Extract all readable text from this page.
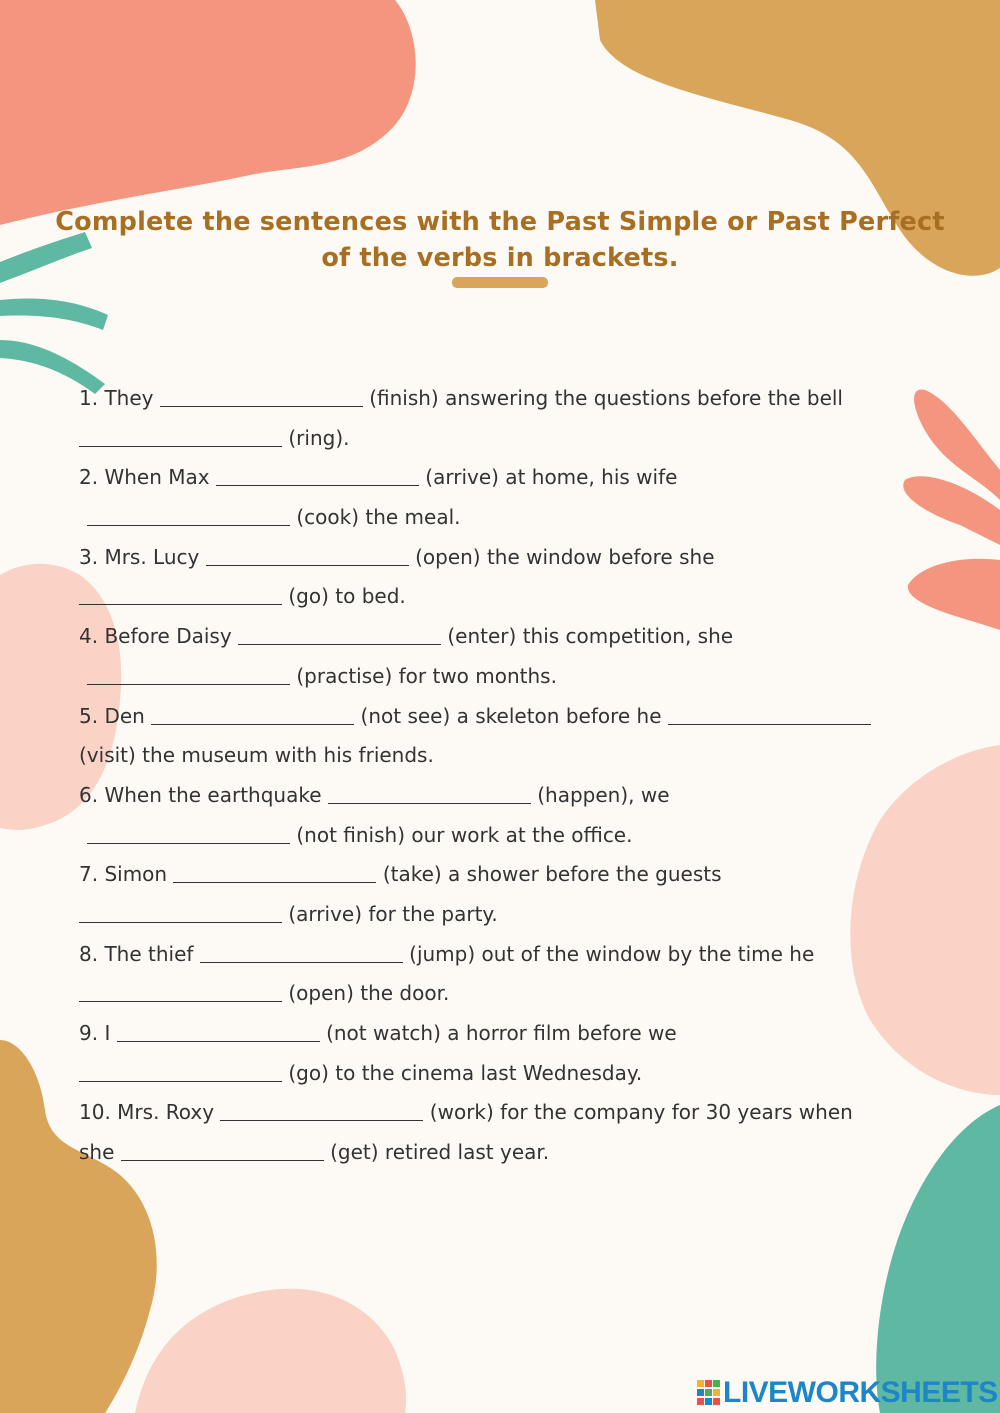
Complete the sentences with the Past Simple or Past Perfect
of the verbs in brackets.
1. They	(finish) answering the questions before the bell
(ring).
2. When Max	(arrive) at home, his wife
(cook) the meal.
3. Mrs. Lucy	(open) the window before she
(go) to bed.
4. Before Daisy	(enter) this competition, she
(practise) for two months.
5. Den	(not see) a skeleton before he
(visit) the museum with his friends.
6. When the earthquake	(happen), we
(not finish) our work at the office.
7. Simon	(take) a shower before the guests
(arrive) for the party.
8. The thief	(jump) out of the window by the time he
(open) the door.
9. I	(not watch) a horror film before we
(go) to the cinema last Wednesday.
10. Mrs. Roxy	(work) for the company for 30 years when
she	(get) retired last year.
LIVEWORKSHEETS
